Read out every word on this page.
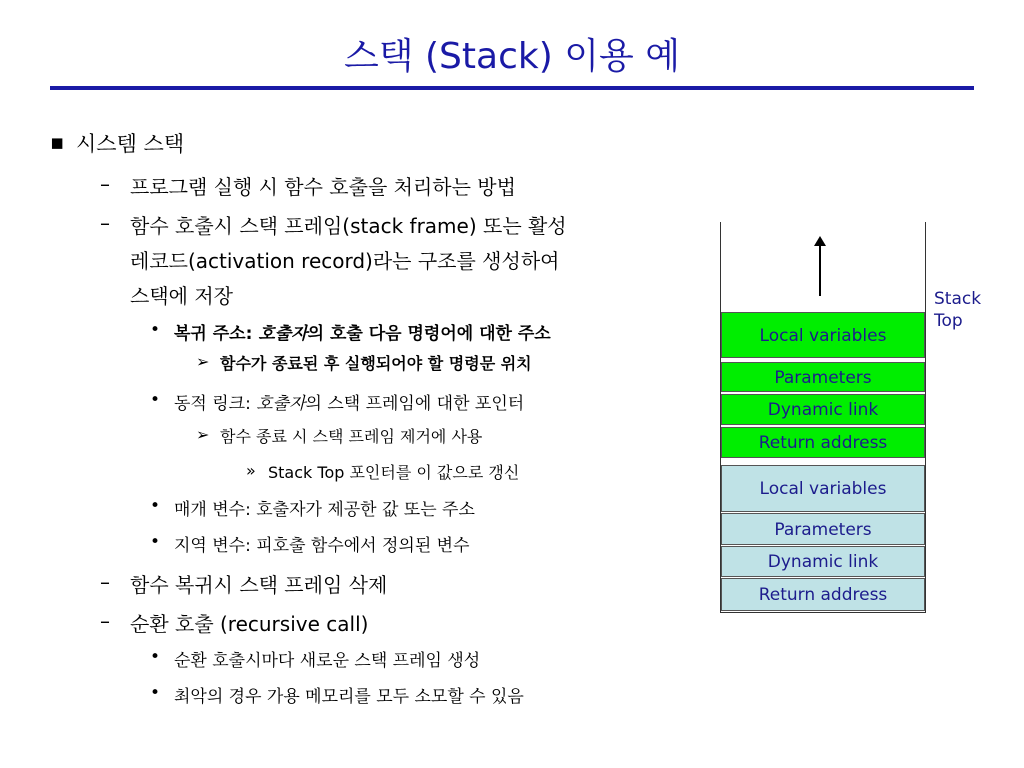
스택 (Stack) 이용 예
▪ 시스템 스택
– 프로그램 실행 시 함수 호출을 처리하는 방법
– 함수 호출시 스택 프레임(stack frame) 또는 활성
레코드(activation record)라는 구조를 생성하여
스택에 저장
• 복귀 주소: 호출자의 호출 다음 명령어에 대한 주소
➢ 함수가 종료된 후 실행되어야 할 명령문 위치
• 동적 링크: 호출자의 스택 프레임에 대한 포인터
➢ 함수 종료 시 스택 프레임 제거에 사용
» Stack Top 포인터를 이 값으로 갱신
• 매개 변수: 호출자가 제공한 값 또는 주소
• 지역 변수: 피호출 함수에서 정의된 변수
– 함수 복귀시 스택 프레임 삭제
– 순환 호출 (recursive call)
• 순환 호출시마다 새로운 스택 프레임 생성
• 최악의 경우 가용 메모리를 모두 소모할 수 있음
Local variables
Parameters
Dynamic link
Return address
Local variables
Parameters
Dynamic link
Return address
Stack
Top
